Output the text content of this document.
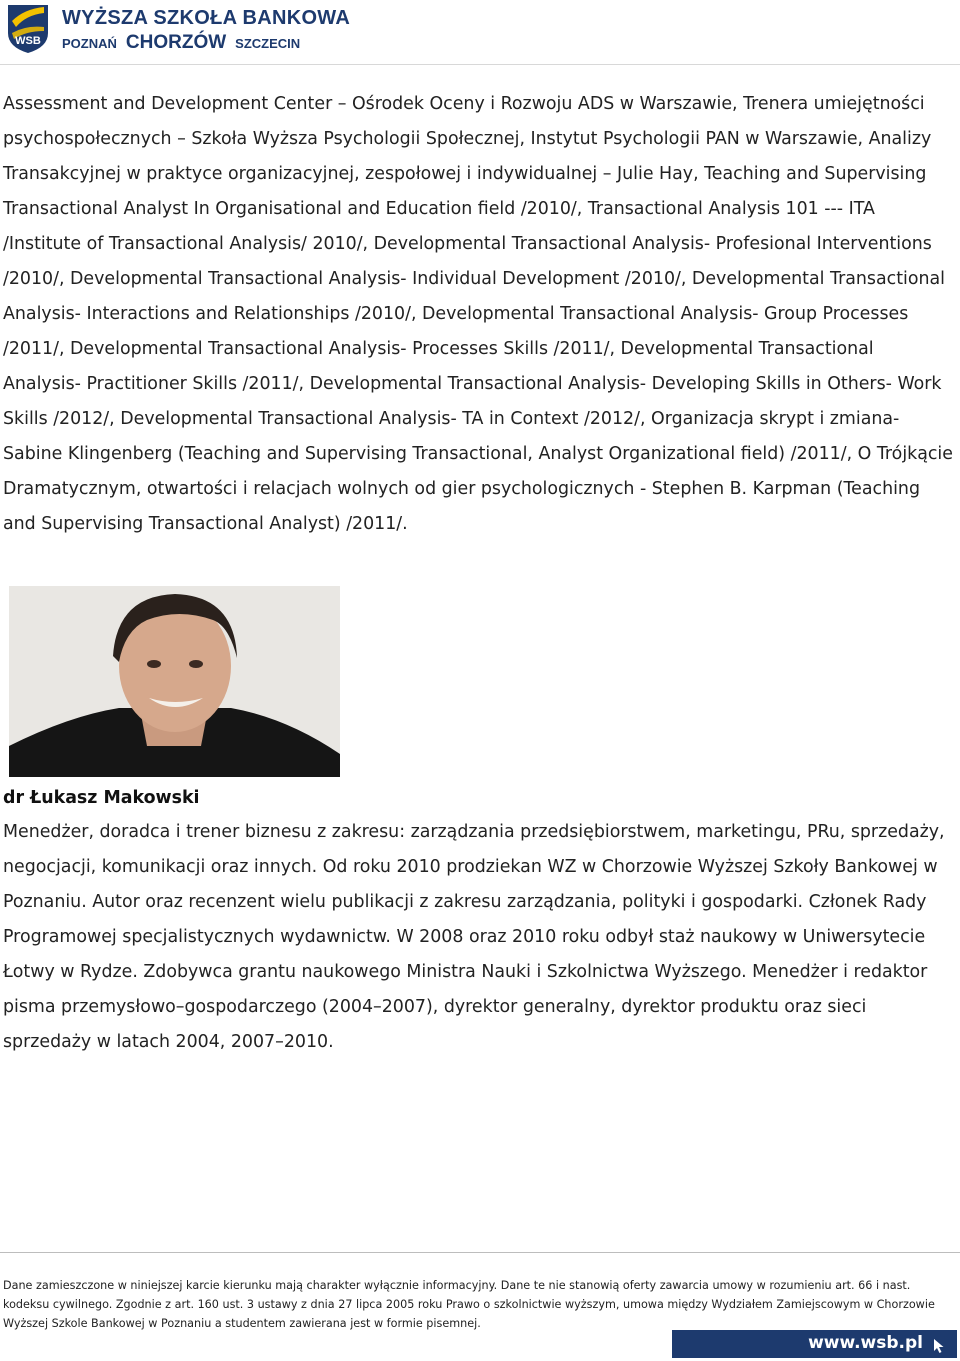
WSB
WYŻSZA SZKOŁA BANKOWA
POZNAŃ CHORZÓW SZCZECIN

Assessment and Development Center – Ośrodek Oceny i Rozwoju ADS w Warszawie, Trenera umiejętności psychospołecznych – Szkoła Wyższa Psychologii Społecznej, Instytut Psychologii PAN w Warszawie, Analizy Transakcyjnej w praktyce organizacyjnej, zespołowej i indywidualnej – Julie Hay, Teaching and Supervising Transactional Analyst In Organisational and Education field /2010/, Transactional Analysis 101 --- ITA /Institute of Transactional Analysis/ 2010/, Developmental Transactional Analysis- Profesional Interventions /2010/, Developmental Transactional Analysis- Individual Development /2010/, Developmental Transactional Analysis- Interactions and Relationships /2010/, Developmental Transactional Analysis- Group Processes /2011/, Developmental Transactional Analysis- Processes Skills /2011/, Developmental Transactional Analysis- Practitioner Skills /2011/, Developmental Transactional Analysis- Developing Skills in Others- Work Skills /2012/, Developmental Transactional Analysis- TA in Context /2012/, Organizacja skrypt i zmiana- Sabine Klingenberg (Teaching and Supervising Transactional, Analyst Organizational field) /2011/, O Trójkącie Dramatycznym, otwartości i relacjach wolnych od gier psychologicznych - Stephen B. Karpman (Teaching and Supervising Transactional Analyst) /2011/.

dr Łukasz Makowski

Menedżer, doradca i trener biznesu z zakresu: zarządzania przedsiębiorstwem, marketingu, PRu, sprzedaży, negocjacji, komunikacji oraz innych. Od roku 2010 prodziekan WZ w Chorzowie Wyższej Szkoły Bankowej w Poznaniu. Autor oraz recenzent wielu publikacji z zakresu zarządzania, polityki i gospodarki. Członek Rady Programowej specjalistycznych wydawnictw. W 2008 oraz 2010 roku odbył staż naukowy w Uniwersytecie Łotwy w Rydze. Zdobywca grantu naukowego Ministra Nauki i Szkolnictwa Wyższego. Menedżer i redaktor pisma przemysłowo–gospodarczego (2004–2007), dyrektor generalny, dyrektor produktu oraz sieci sprzedaży w latach 2004, 2007–2010.

Dane zamieszczone w niniejszej karcie kierunku mają charakter wyłącznie informacyjny. Dane te nie stanowią oferty zawarcia umowy w rozumieniu art. 66 i nast. kodeksu cywilnego. Zgodnie z art. 160 ust. 3 ustawy z dnia 27 lipca 2005 roku Prawo o szkolnictwie wyższym, umowa między Wydziałem Zamiejscowym w Chorzowie Wyższej Szkole Bankowej w Poznaniu a studentem zawierana jest w formie pisemnej.

www.wsb.pl
